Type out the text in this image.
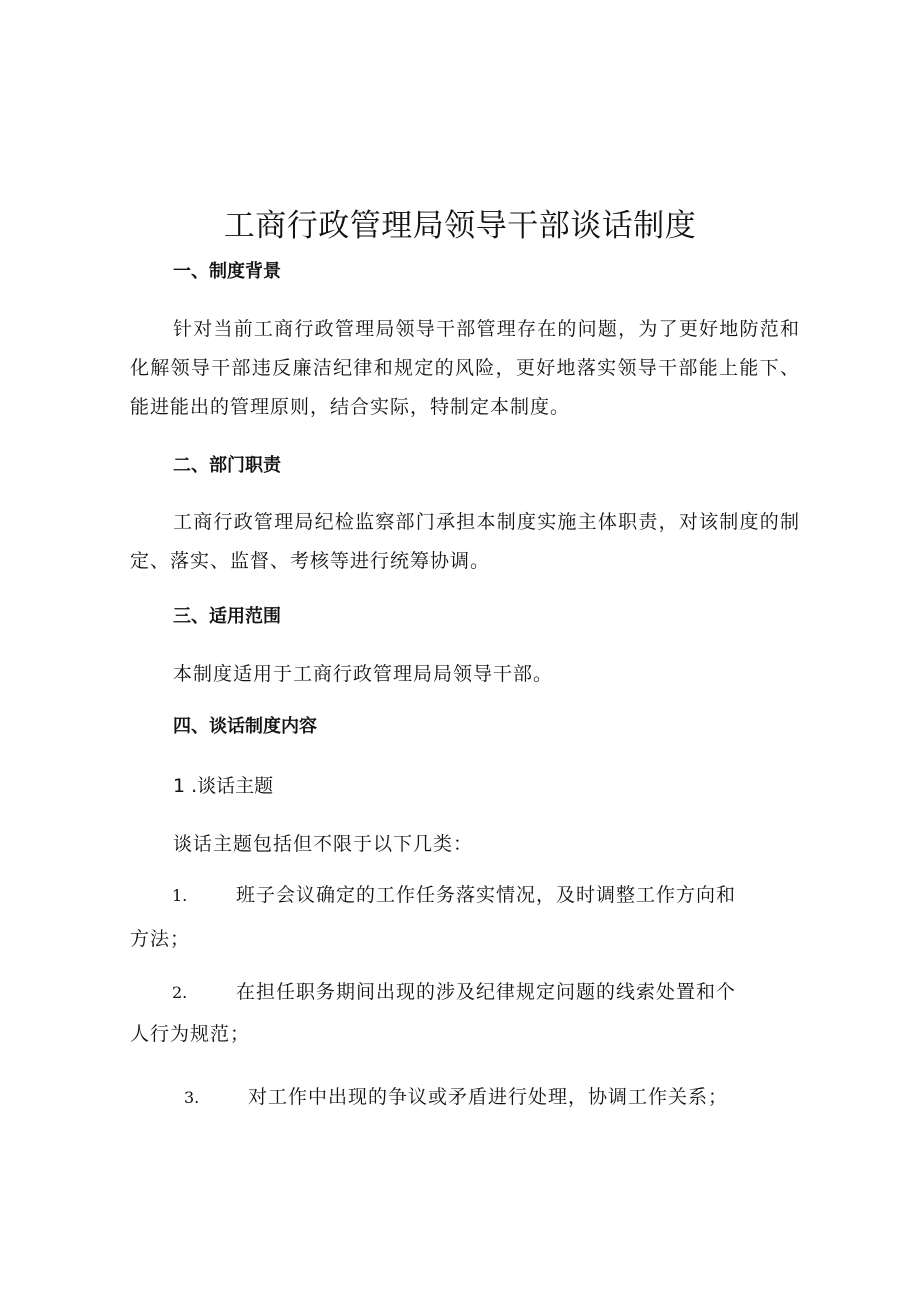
工商行政管理局领导干部谈话制度
一、制度背景
针对当前工商行政管理局领导干部管理存在的问题，为了更好地防范和化解领导干部违反廉洁纪律和规定的风险，更好地落实领导干部能上能下、能进能出的管理原则，结合实际，特制定本制度。
二、部门职责
工商行政管理局纪检监察部门承担本制度实施主体职责，对该制度的制定、落实、监督、考核等进行统筹协调。
三、适用范围
本制度适用于工商行政管理局局领导干部。
四、谈话制度内容
1 .谈话主题
谈话主题包括但不限于以下几类：
1.	班子会议确定的工作任务落实情况，及时调整工作方向和
方法；
2.	在担任职务期间出现的涉及纪律规定问题的线索处置和个
人行为规范；
3.	对工作中出现的争议或矛盾进行处理，协调工作关系；
